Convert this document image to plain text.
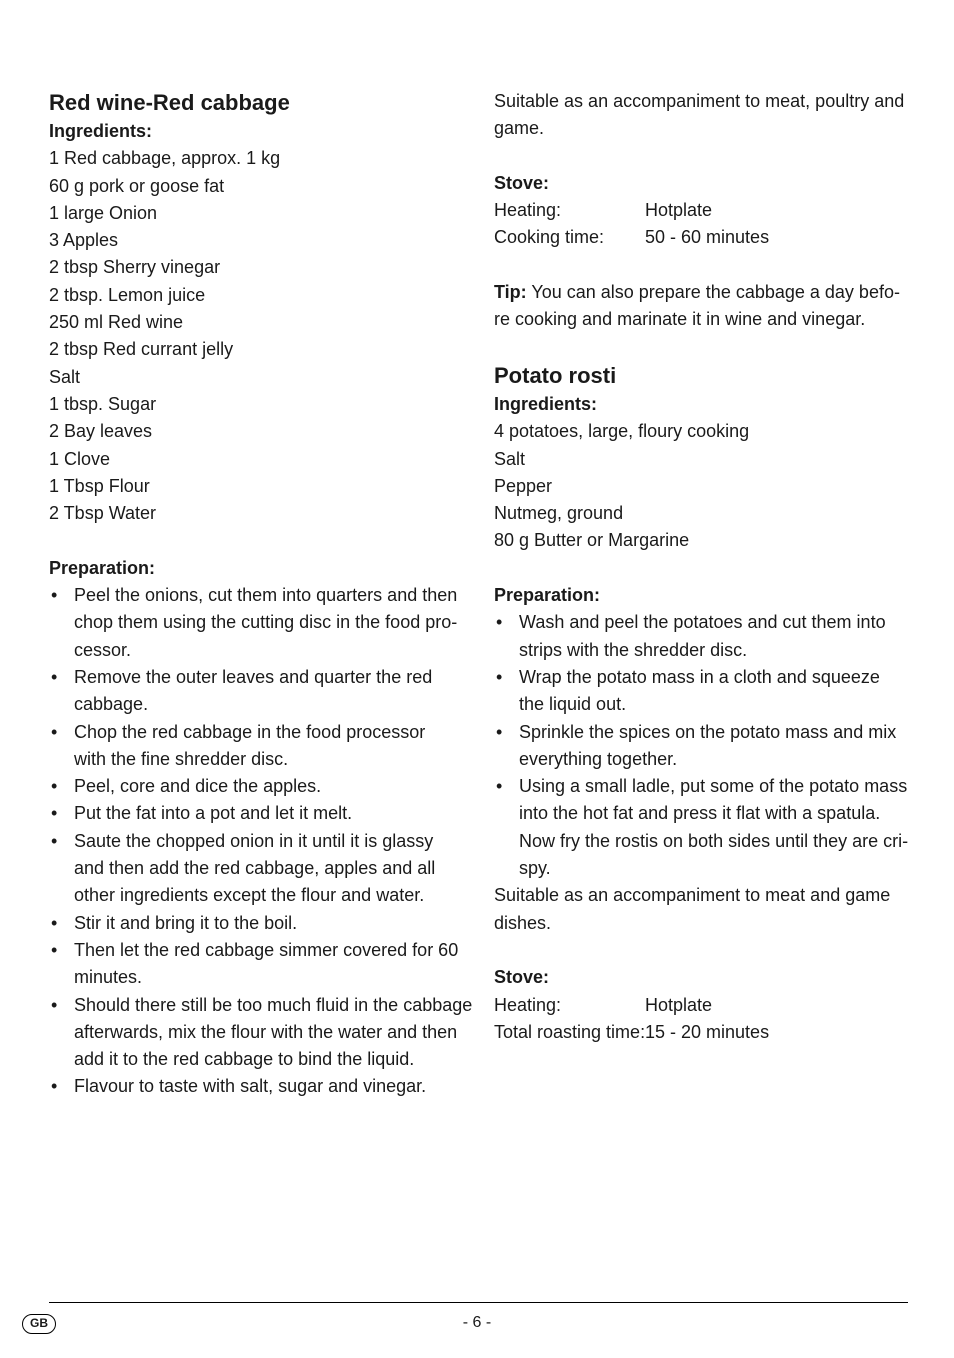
Red wine-Red cabbage
Ingredients:
1 Red cabbage, approx. 1 kg
60 g pork or goose fat
1 large Onion
3 Apples
2 tbsp Sherry vinegar
2 tbsp. Lemon juice
250 ml Red wine
2 tbsp Red currant jelly
Salt
1 tbsp. Sugar
2 Bay leaves
1 Clove
1 Tbsp Flour
2 Tbsp Water
Preparation:
• Peel the onions, cut them into quarters and then
chop them using the cutting disc in the food pro-
cessor.
• Remove the outer leaves and quarter the red
cabbage.
• Chop the red cabbage in the food processor
with the fine shredder disc.
• Peel, core and dice the apples.
• Put the fat into a pot and let it melt.
• Saute the chopped onion in it until it is glassy
and then add the red cabbage, apples and all
other ingredients except the flour and water.
• Stir it and bring it to the boil.
• Then let the red cabbage simmer covered for 60
minutes.
• Should there still be too much fluid in the cabbage
afterwards, mix the flour with the water and then
add it to the red cabbage to bind the liquid.
• Flavour to taste with salt, sugar and vinegar.
Suitable as an accompaniment to meat, poultry and
game.
Stove:
Heating:	Hotplate
Cooking time:	50 - 60 minutes
Tip: You can also prepare the cabbage a day befo-
re cooking and marinate it in wine and vinegar.
Potato rosti
Ingredients:
4 potatoes, large, floury cooking
Salt
Pepper
Nutmeg, ground
80 g Butter or Margarine
Preparation:
• Wash and peel the potatoes and cut them into
strips with the shredder disc.
• Wrap the potato mass in a cloth and squeeze
the liquid out.
• Sprinkle the spices on the potato mass and mix
everything together.
• Using a small ladle, put some of the potato mass
into the hot fat and press it flat with a spatula.
Now fry the rostis on both sides until they are cri-
spy.
Suitable as an accompaniment to meat and game
dishes.
Stove:
Heating:	Hotplate
Total roasting time: 15 - 20 minutes
GB	- 6 -
